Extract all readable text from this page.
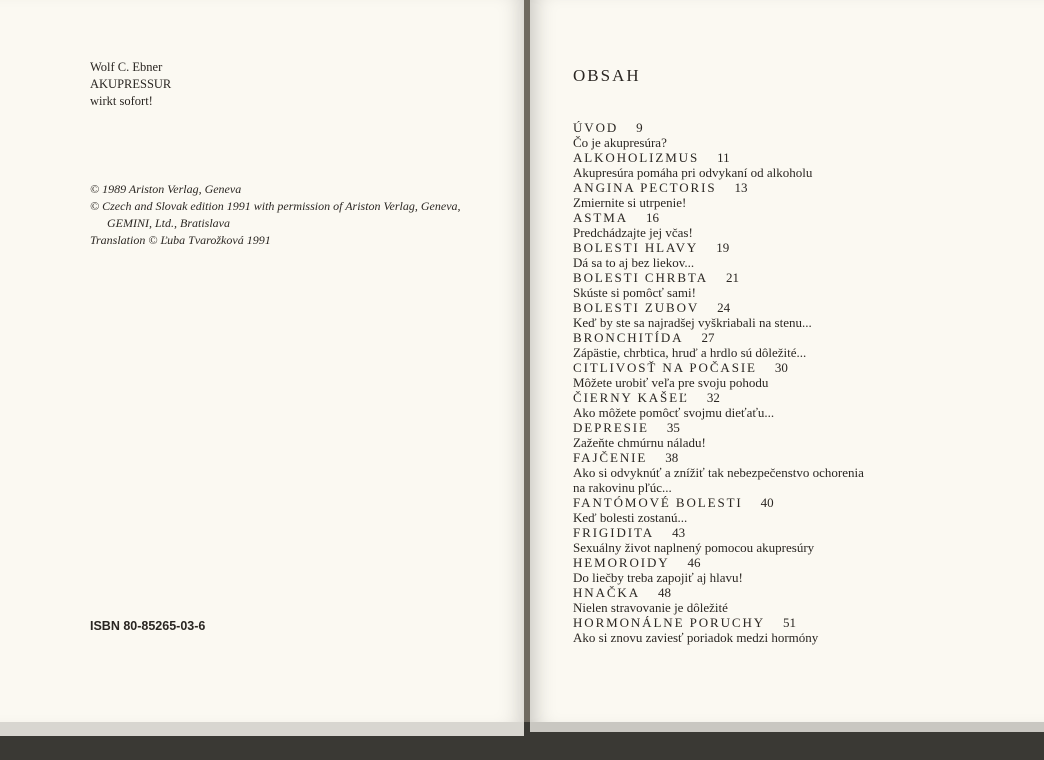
Wolf C. Ebner
AKUPRESSUR
wirkt sofort!
© 1989 Ariston Verlag, Geneva
© Czech and Slovak edition 1991 with permission of Ariston Verlag, Geneva,
GEMINI, Ltd., Bratislava
Translation © Ľuba Tvarožková 1991
ISBN 80-85265-03-6
OBSAH
ÚVOD 9
Čo je akupresúra?
ALKOHOLIZMUS 11
Akupresúra pomáha pri odvykaní od alkoholu
ANGINA PECTORIS 13
Zmiernite si utrpenie!
ASTMA 16
Predchádzajte jej včas!
BOLESTI HLAVY 19
Dá sa to aj bez liekov...
BOLESTI CHRBTA 21
Skúste si pomôcť sami!
BOLESTI ZUBOV 24
Keď by ste sa najradšej vyškriabali na stenu...
BRONCHITÍDA 27
Zápästie, chrbtica, hruď a hrdlo sú dôležité...
CITLIVOSŤ NA POČASIE 30
Môžete urobiť veľa pre svoju pohodu
ČIERNY KAŠEĽ 32
Ako môžete pomôcť svojmu dieťaťu...
DEPRESIE 35
Zažeňte chmúrnu náladu!
FAJČENIE 38
Ako si odvyknúť a znížiť tak nebezpečenstvo ochorenia
na rakovinu pľúc...
FANTÓMOVÉ BOLESTI 40
Keď bolesti zostanú...
FRIGIDITA 43
Sexuálny život naplnený pomocou akupresúry
HEMOROIDY 46
Do liečby treba zapojiť aj hlavu!
HNAČKA 48
Nielen stravovanie je dôležité
HORMONÁLNE PORUCHY 51
Ako si znovu zaviesť poriadok medzi hormóny
